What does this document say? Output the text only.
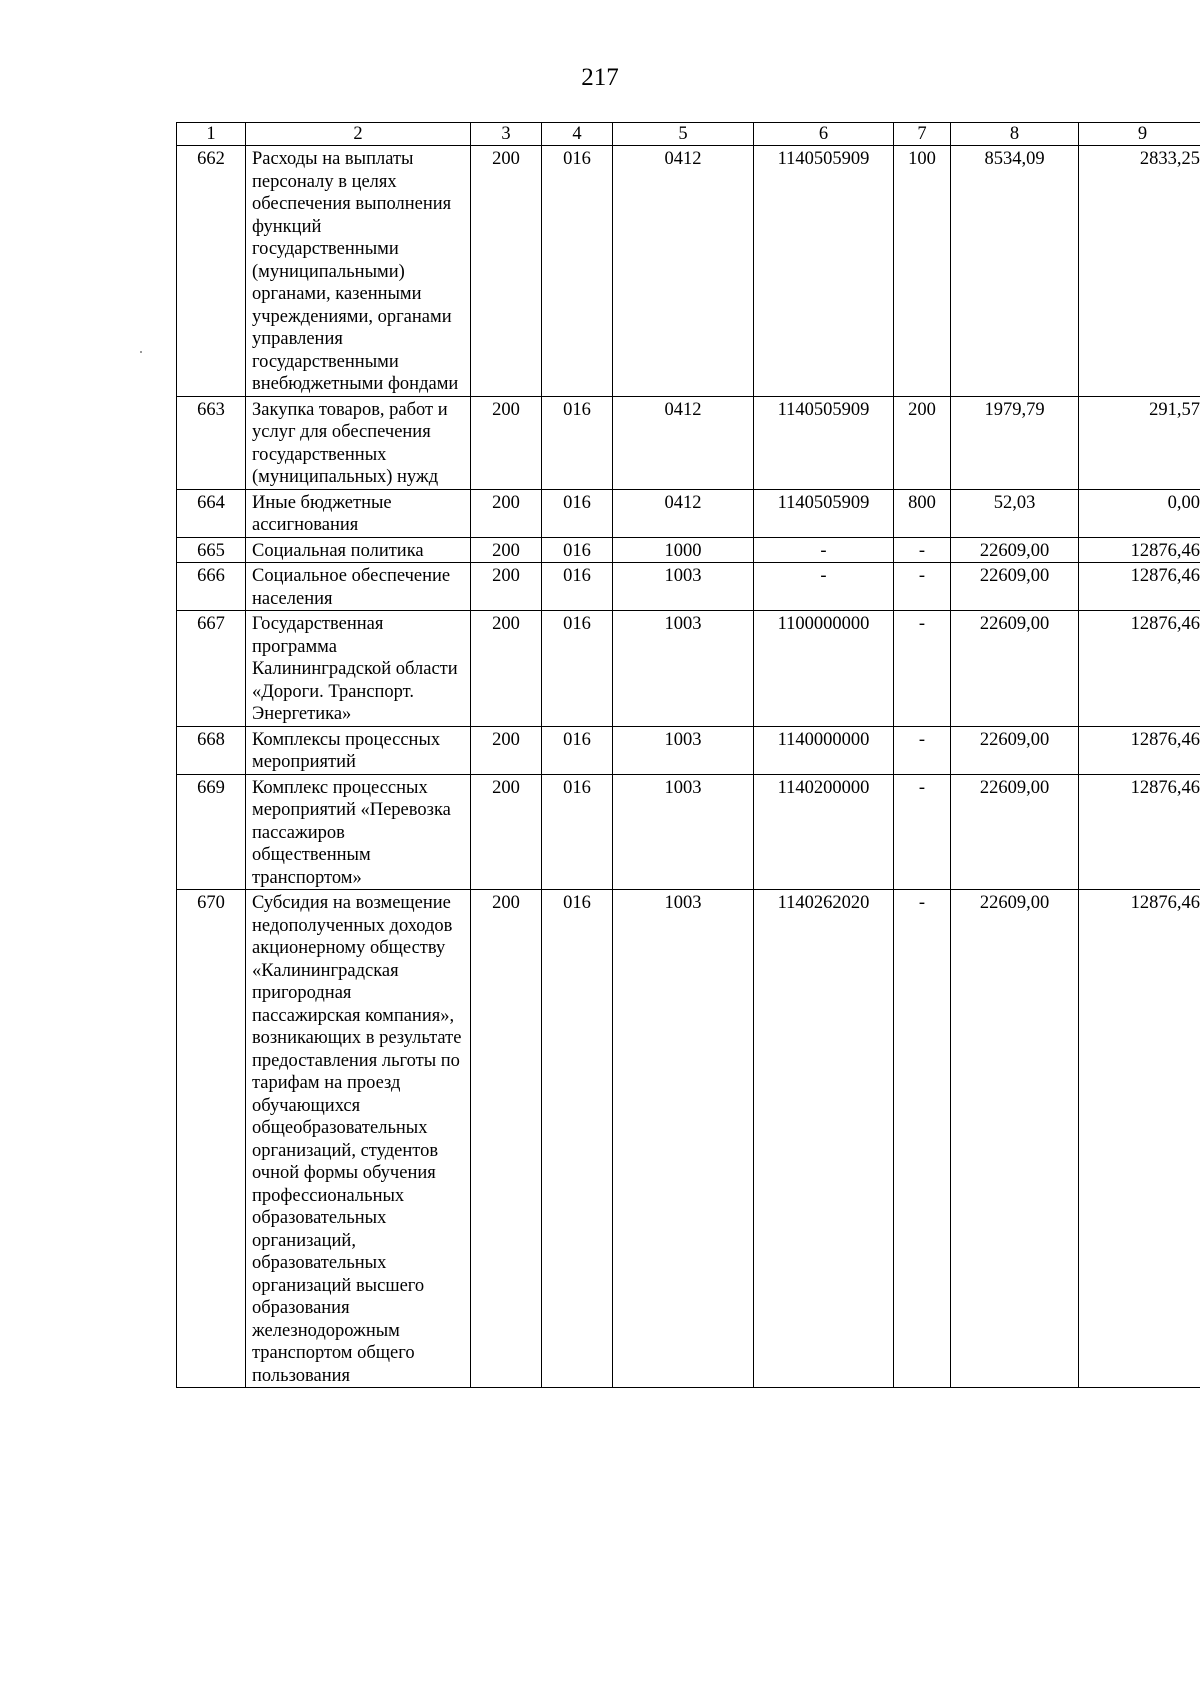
217
1	2	3	4	5	6	7	8	9
662	Расходы на выплаты персоналу в целях обеспечения выполнения функций государственными (муниципальными) органами, казенными учреждениями, органами управления государственными внебюджетными фондами	200	016	0412	1140505909	100	8534,09	2833,25
663	Закупка товаров, работ и услуг для обеспечения государственных (муниципальных) нужд	200	016	0412	1140505909	200	1979,79	291,57
664	Иные бюджетные ассигнования	200	016	0412	1140505909	800	52,03	0,00
665	Социальная политика	200	016	1000	-	-	22609,00	12876,46
666	Социальное обеспечение населения	200	016	1003	-	-	22609,00	12876,46
667	Государственная программа Калининградской области «Дороги. Транспорт. Энергетика»	200	016	1003	1100000000	-	22609,00	12876,46
668	Комплексы процессных мероприятий	200	016	1003	1140000000	-	22609,00	12876,46
669	Комплекс процессных мероприятий «Перевозка пассажиров общественным транспортом»	200	016	1003	1140200000	-	22609,00	12876,46
670	Субсидия на возмещение недополученных доходов акционерному обществу «Калининградская пригородная пассажирская компания», возникающих в результате предоставления льготы по тарифам на проезд обучающихся общеобразовательных организаций, студентов очной формы обучения профессиональных образовательных организаций, образовательных организаций высшего образования железнодорожным транспортом общего пользования	200	016	1003	1140262020	-	22609,00	12876,46
